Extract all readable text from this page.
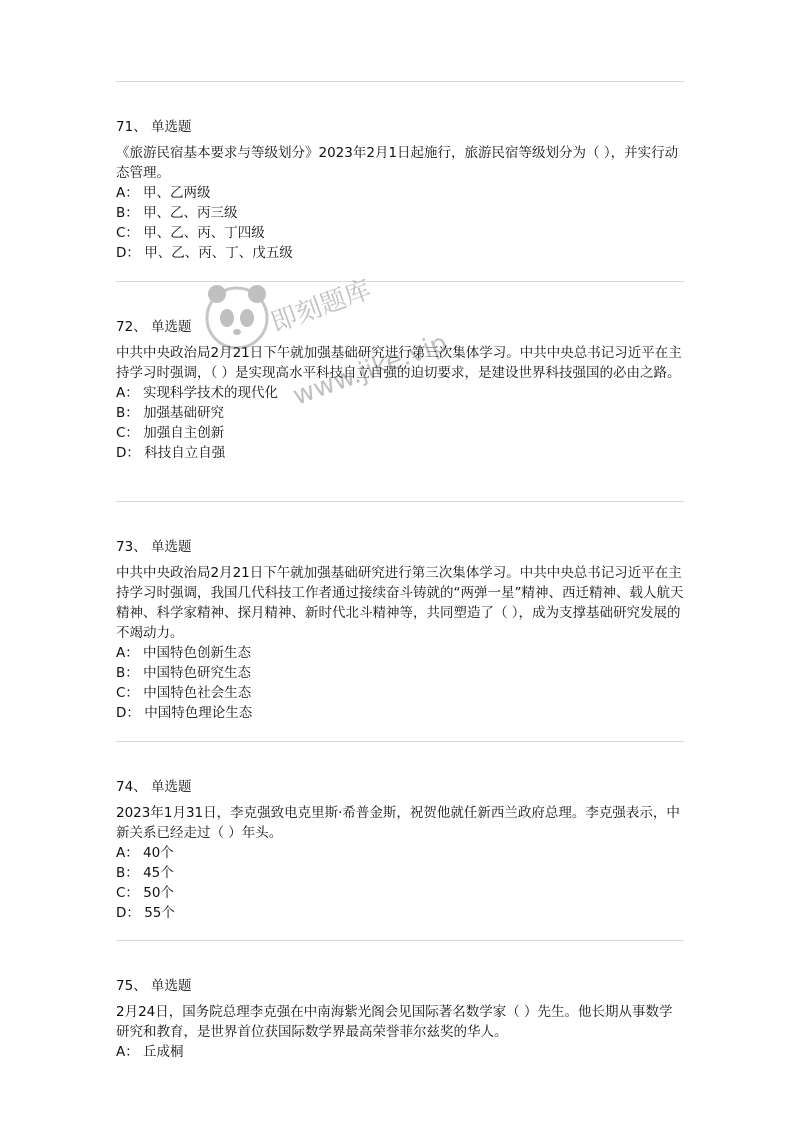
71、 单选题
《旅游民宿基本要求与等级划分》2023年2月1日起施行，旅游民宿等级划分为（ ），并实行动态管理。
A： 甲、乙两级
B： 甲、乙、丙三级
C： 甲、乙、丙、丁四级
D： 甲、乙、丙、丁、戊五级
72、 单选题
中共中央政治局2月21日下午就加强基础研究进行第三次集体学习。中共中央总书记习近平在主持学习时强调，（ ）是实现高水平科技自立自强的迫切要求，是建设世界科技强国的必由之路。
A： 实现科学技术的现代化
B： 加强基础研究
C： 加强自主创新
D： 科技自立自强
73、 单选题
中共中央政治局2月21日下午就加强基础研究进行第三次集体学习。中共中央总书记习近平在主持学习时强调，我国几代科技工作者通过接续奋斗铸就的“两弹一星”精神、西迁精神、载人航天精神、科学家精神、探月精神、新时代北斗精神等，共同塑造了（ ），成为支撑基础研究发展的不竭动力。
A： 中国特色创新生态
B： 中国特色研究生态
C： 中国特色社会生态
D： 中国特色理论生态
74、 单选题
2023年1月31日，李克强致电克里斯·希普金斯，祝贺他就任新西兰政府总理。李克强表示，中新关系已经走过（ ）年头。
A： 40个
B： 45个
C： 50个
D： 55个
75、 单选题
2月24日，国务院总理李克强在中南海紫光阁会见国际著名数学家（ ）先生。他长期从事数学研究和教育，是世界首位获国际数学界最高荣誉菲尔兹奖的华人。
A： 丘成桐
即刻题库
www.jike.vip
